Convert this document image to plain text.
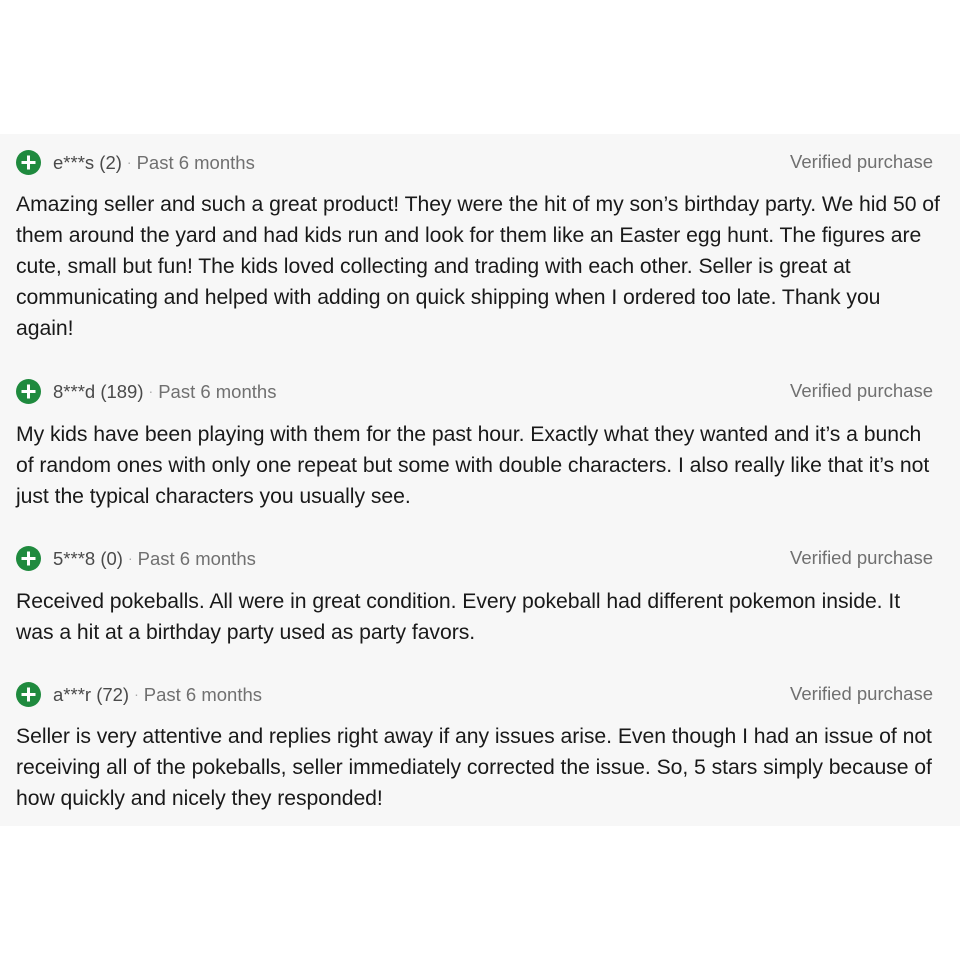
e***s (2) · Past 6 months	Verified purchase

Amazing seller and such a great product! They were the hit of my son’s birthday party. We hid 50 of them around the yard and had kids run and look for them like an Easter egg hunt. The figures are cute, small but fun! The kids loved collecting and trading with each other. Seller is great at communicating and helped with adding on quick shipping when I ordered too late. Thank you again!

8***d (189) · Past 6 months	Verified purchase

My kids have been playing with them for the past hour. Exactly what they wanted and it’s a bunch of random ones with only one repeat but some with double characters. I also really like that it’s not just the typical characters you usually see.

5***8 (0) · Past 6 months	Verified purchase

Received pokeballs. All were in great condition. Every pokeball had different pokemon inside. It was a hit at a birthday party used as party favors.

a***r (72) · Past 6 months	Verified purchase

Seller is very attentive and replies right away if any issues arise. Even though I had an issue of not receiving all of the pokeballs, seller immediately corrected the issue. So, 5 stars simply because of how quickly and nicely they responded!
